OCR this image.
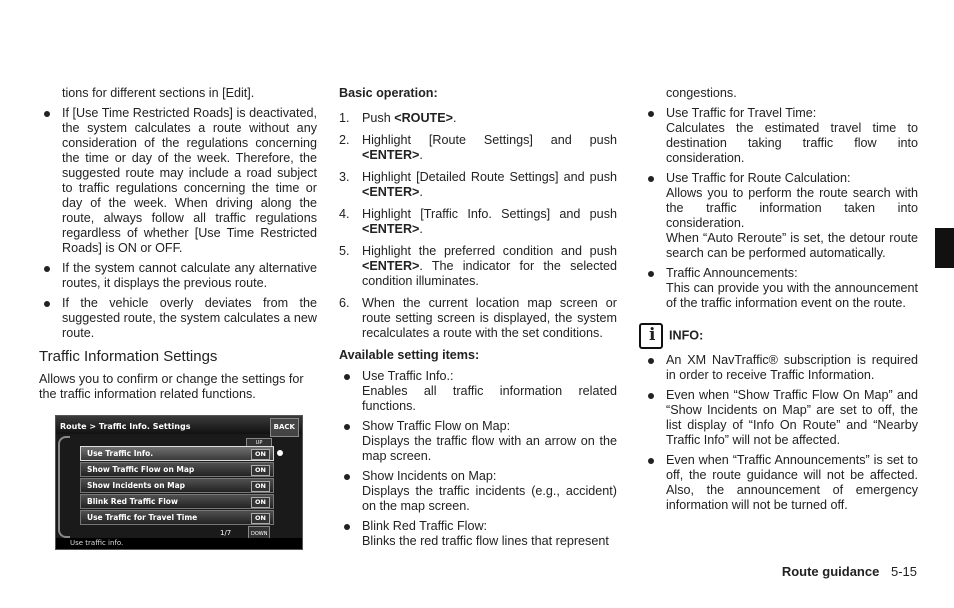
tions for different sections in [Edit].

If [Use Time Restricted Roads] is deactivated, the system calculates a route without any consideration of the regulations concerning the time or day of the week. Therefore, the suggested route may include a road subject to traffic regulations concerning the time or day of the week. When driving along the route, always follow all traffic regulations regardless of whether [Use Time Restricted Roads] is ON or OFF.
If the system cannot calculate any alternative routes, it displays the previous route.
If the vehicle overly deviates from the suggested route, the system calculates a new route.
Traffic Information Settings

Allows you to confirm or change the settings for the traffic information related functions.

Route > Traffic Info. Settings	BACK
UP
Use Traffic Info.	ON
Show Traffic Flow on Map	ON
Show Incidents on Map	ON
Blink Red Traffic Flow	ON
Use Traffic for Travel Time	ON
1/7	DOWN
Use traffic info.

Basic operation:

1. Push <ROUTE>.
2. Highlight [Route Settings] and push <ENTER>.
3. Highlight [Detailed Route Settings] and push <ENTER>.
4. Highlight [Traffic Info. Settings] and push <ENTER>.
5. Highlight the preferred condition and push <ENTER>. The indicator for the selected condition illuminates.
6. When the current location map screen or route setting screen is displayed, the system recalculates a route with the set conditions.

Available setting items:

Use Traffic Info.:
Enables all traffic information related functions.
Show Traffic Flow on Map:
Displays the traffic flow with an arrow on the map screen.
Show Incidents on Map:
Displays the traffic incidents (e.g., accident) on the map screen.
Blink Red Traffic Flow:
Blinks the red traffic flow lines that represent

congestions.

Use Traffic for Travel Time:
Calculates the estimated travel time to destination taking traffic flow into consideration.
Use Traffic for Route Calculation:
Allows you to perform the route search with the traffic information taken into consideration.
When “Auto Reroute” is set, the detour route search can be performed automatically.
Traffic Announcements:
This can provide you with the announcement of the traffic information event on the route.
i INFO:
An XM NavTraffic® subscription is required in order to receive Traffic Information.
Even when “Show Traffic Flow On Map” and “Show Incidents on Map” are set to off, the list display of “Info On Route” and “Nearby Traffic Info” will not be affected.
Even when “Traffic Announcements” is set to off, the route guidance will not be affected. Also, the announcement of emergency information will not be turned off.
Route guidance 5-15
